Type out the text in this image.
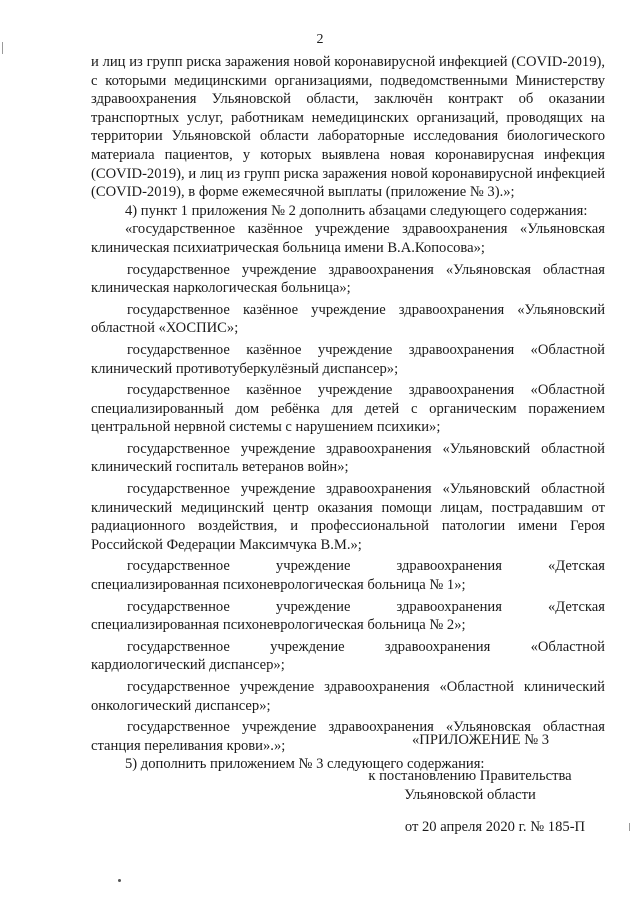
2

и лиц из групп риска заражения новой коронавирусной инфекцией (COVID-2019), с которыми медицинскими организациями, подведомственными Министерству здравоохранения Ульяновской области, заключён контракт об оказании транспортных услуг, работникам немедицинских организаций, проводящих на территории Ульяновской области лабораторные исследования биологического материала пациентов, у которых выявлена новая коронавирусная инфекция (COVID-2019), и лиц из групп риска заражения новой коронавирусной инфекцией (COVID-2019), в форме ежемесячной выплаты (приложение № 3).»;

4) пункт 1 приложения № 2 дополнить абзацами следующего содержания:

«государственное казённое учреждение здравоохранения «Ульяновская клиническая психиатрическая больница имени В.А.Копосова»;

государственное учреждение здравоохранения «Ульяновская областная клиническая наркологическая больница»;

государственное казённое учреждение здравоохранения «Ульяновский областной «ХОСПИС»;

государственное казённое учреждение здравоохранения «Областной клинический противотуберкулёзный диспансер»;

государственное казённое учреждение здравоохранения «Областной специализированный дом ребёнка для детей с органическим поражением центральной нервной системы с нарушением психики»;

государственное учреждение здравоохранения «Ульяновский областной клинический госпиталь ветеранов войн»;

государственное учреждение здравоохранения «Ульяновский областной клинический медицинский центр оказания помощи лицам, пострадавшим от радиационного воздействия, и профессиональной патологии имени Героя Российской Федерации Максимчука В.М.»;

государственное учреждение здравоохранения «Детская специализированная психоневрологическая больница № 1»;

государственное учреждение здравоохранения «Детская специализированная психоневрологическая больница № 2»;

государственное учреждение здравоохранения «Областной кардиологический диспансер»;

государственное учреждение здравоохранения «Областной клинический онкологический диспансер»;

государственное учреждение здравоохранения «Ульяновская областная станция переливания крови».»;

5) дополнить приложением № 3 следующего содержания:

«ПРИЛОЖЕНИЕ № 3
к постановлению Правительства
Ульяновской области
от 20 апреля 2020 г. № 185-П
